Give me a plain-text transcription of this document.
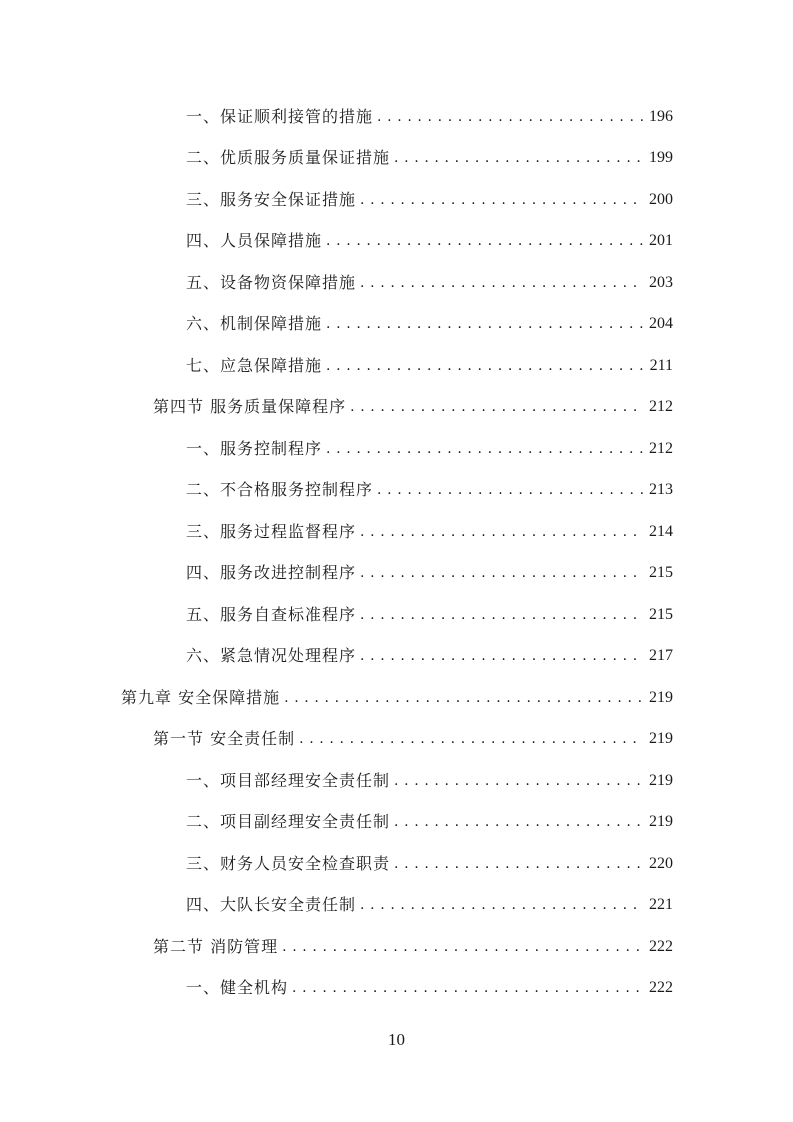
一、保证顺利接管的措施 . . .	196
二、优质服务质量保证措施 . . .	199
三、服务安全保证措施 . . .	200
四、人员保障措施 . . .	201
五、设备物资保障措施 . . .	203
六、机制保障措施 . . .	204
七、应急保障措施 . . .	211
第四节 服务质量保障程序 . . .	212
一、服务控制程序 . . .	212
二、不合格服务控制程序 . . .	213
三、服务过程监督程序 . . .	214
四、服务改进控制程序 . . .	215
五、服务自查标准程序 . . .	215
六、紧急情况处理程序 . . .	217
第九章 安全保障措施 . . .	219
第一节 安全责任制 . . .	219
一、项目部经理安全责任制 . . .	219
二、项目副经理安全责任制 . . .	219
三、财务人员安全检查职责 . . .	220
四、大队长安全责任制 . . .	221
第二节 消防管理 . . .	222
一、健全机构 . . .	222
10
